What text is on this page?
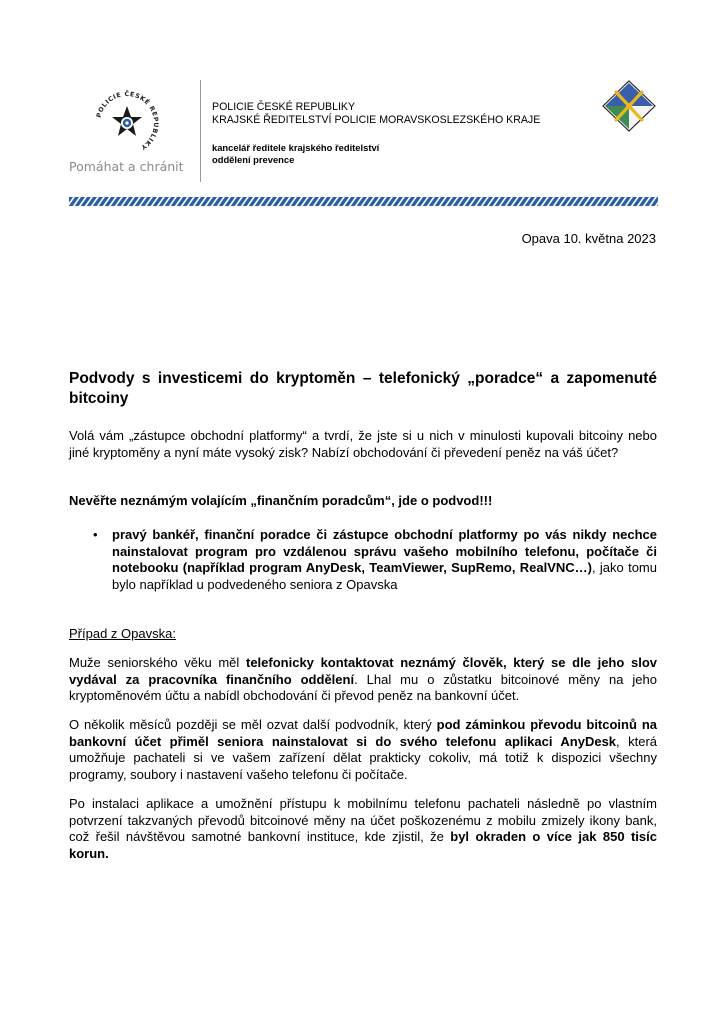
POLICIE ČESKÉ REPUBLIKY
Pomáhat a chránit
POLICIE ČESKÉ REPUBLIKY
KRAJSKÉ ŘEDITELSTVÍ POLICIE MORAVSKOSLEZSKÉHO KRAJE
kancelář ředitele krajského ředitelství
oddělení prevence
Opava 10. května 2023
Podvody s investicemi do kryptoměn – telefonický „poradce“ a zapomenuté bitcoiny
Volá vám „zástupce obchodní platformy“ a tvrdí, že jste si u nich v minulosti kupovali bitcoiny nebo jiné kryptoměny a nyní máte vysoký zisk? Nabízí obchodování či převedení peněz na váš účet?
Nevěřte neznámým volajícím „finančním poradcům“, jde o podvod!!!
• pravý bankéř, finanční poradce či zástupce obchodní platformy po vás nikdy nechce nainstalovat program pro vzdálenou správu vašeho mobilního telefonu, počítače či notebooku (například program AnyDesk, TeamViewer, SupRemo, RealVNC…), jako tomu bylo například u podvedeného seniora z Opavska
Případ z Opavska:
Muže seniorského věku měl telefonicky kontaktovat neznámý člověk, který se dle jeho slov vydával za pracovníka finančního oddělení. Lhal mu o zůstatku bitcoinové měny na jeho kryptoměnovém účtu a nabídl obchodování či převod peněz na bankovní účet.
O několik měsíců později se měl ozvat další podvodník, který pod záminkou převodu bitcoinů na bankovní účet přiměl seniora nainstalovat si do svého telefonu aplikaci AnyDesk, která umožňuje pachateli si ve vašem zařízení dělat prakticky cokoliv, má totiž k dispozici všechny programy, soubory i nastavení vašeho telefonu či počítače.
Po instalaci aplikace a umožnění přístupu k mobilnímu telefonu pachateli následně po vlastním potvrzení takzvaných převodů bitcoinové měny na účet poškozenému z mobilu zmizely ikony bank, což řešil návštěvou samotné bankovní instituce, kde zjistil, že byl okraden o více jak 850 tisíc korun.
